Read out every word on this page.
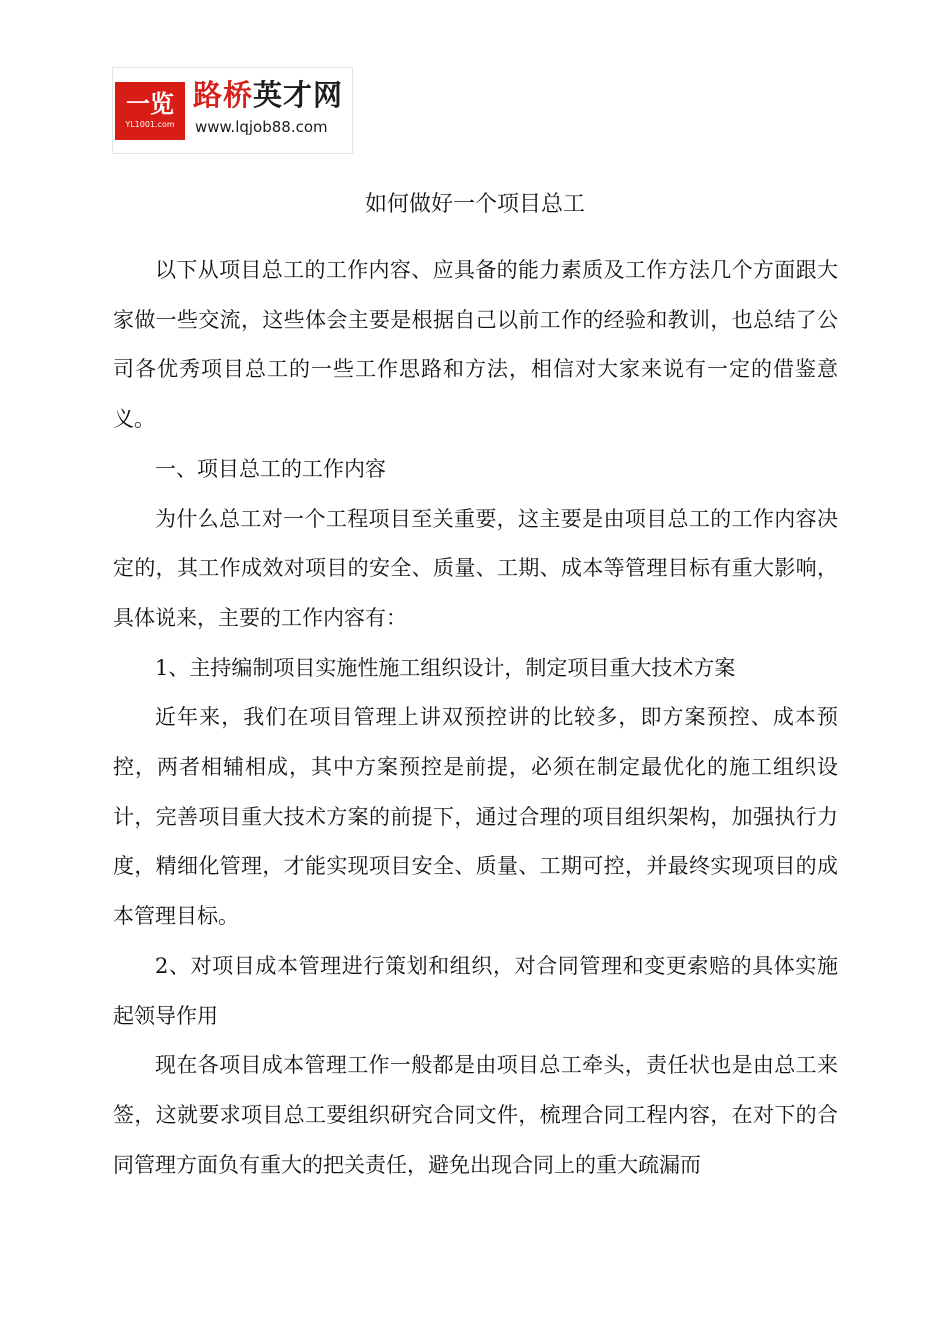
一览
YL1001.com
路桥英才网
www.lqjob88.com
如何做好一个项目总工

以下从项目总工的工作内容、应具备的能力素质及工作方法几个方面跟大家做一些交流，这些体会主要是根据自己以前工作的经验和教训，也总结了公司各优秀项目总工的一些工作思路和方法，相信对大家来说有一定的借鉴意义。

一、项目总工的工作内容

为什么总工对一个工程项目至关重要，这主要是由项目总工的工作内容决定的，其工作成效对项目的安全、质量、工期、成本等管理目标有重大影响，具体说来，主要的工作内容有：

1、主持编制项目实施性施工组织设计，制定项目重大技术方案

近年来，我们在项目管理上讲双预控讲的比较多，即方案预控、成本预控，两者相辅相成，其中方案预控是前提，必须在制定最优化的施工组织设计，完善项目重大技术方案的前提下，通过合理的项目组织架构，加强执行力度，精细化管理，才能实现项目安全、质量、工期可控，并最终实现项目的成本管理目标。

2、对项目成本管理进行策划和组织，对合同管理和变更索赔的具体实施起领导作用

现在各项目成本管理工作一般都是由项目总工牵头，责任状也是由总工来签，这就要求项目总工要组织研究合同文件，梳理合同工程内容，在对下的合同管理方面负有重大的把关责任，避免出现合同上的重大疏漏而
